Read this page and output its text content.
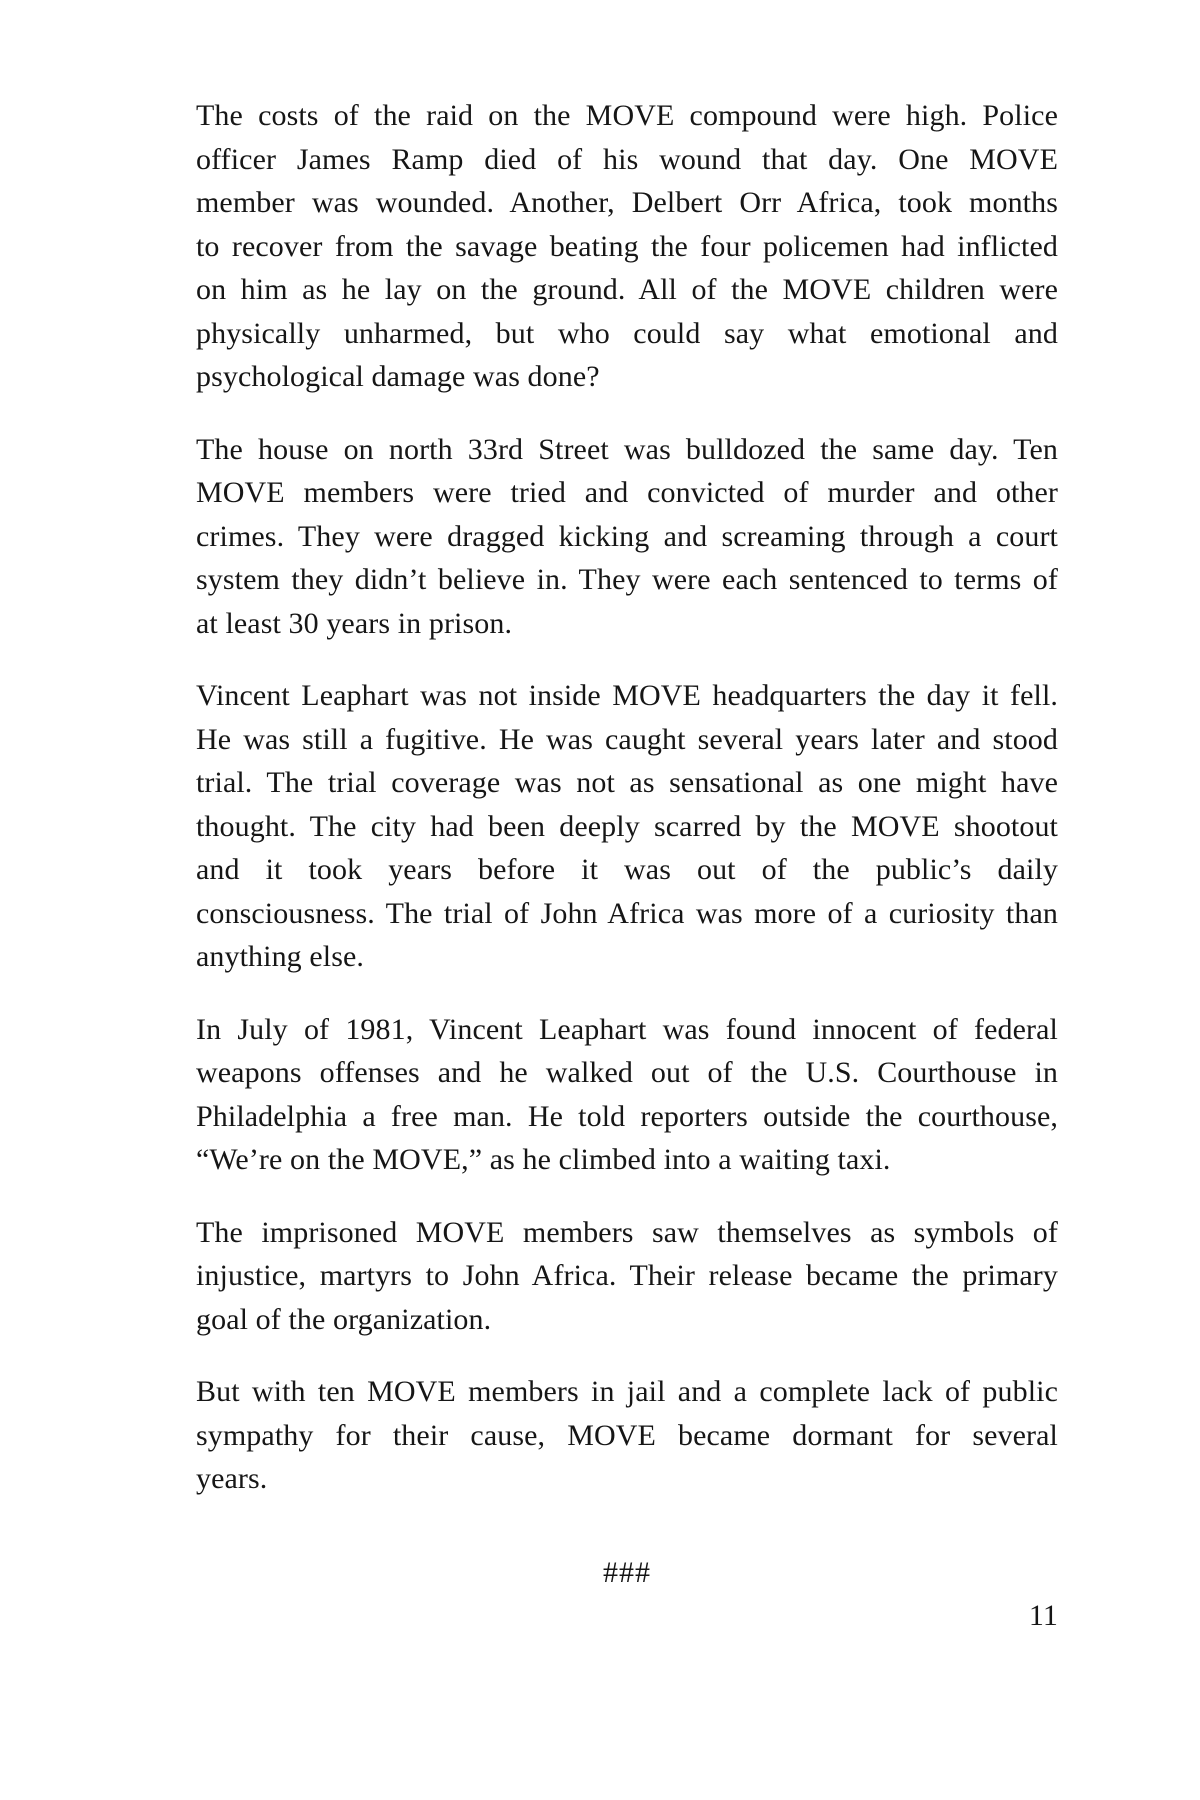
The costs of the raid on the MOVE compound were high. Police
officer James Ramp died of his wound that day. One MOVE
member was wounded. Another, Delbert Orr Africa, took months
to recover from the savage beating the four policemen had inflicted
on him as he lay on the ground. All of the MOVE children were
physically unharmed, but who could say what emotional and
psychological damage was done?
The house on north 33rd Street was bulldozed the same day. Ten
MOVE members were tried and convicted of murder and other
crimes. They were dragged kicking and screaming through a court
system they didn’t believe in. They were each sentenced to terms of
at least 30 years in prison.
Vincent Leaphart was not inside MOVE headquarters the day it fell.
He was still a fugitive. He was caught several years later and stood
trial. The trial coverage was not as sensational as one might have
thought. The city had been deeply scarred by the MOVE shootout
and it took years before it was out of the public’s daily
consciousness. The trial of John Africa was more of a curiosity than
anything else.
In July of 1981, Vincent Leaphart was found innocent of federal
weapons offenses and he walked out of the U.S. Courthouse in
Philadelphia a free man. He told reporters outside the courthouse,
“We’re on the MOVE,” as he climbed into a waiting taxi.
The imprisoned MOVE members saw themselves as symbols of
injustice, martyrs to John Africa. Their release became the primary
goal of the organization.
But with ten MOVE members in jail and a complete lack of public
sympathy for their cause, MOVE became dormant for several
years.
###
11
